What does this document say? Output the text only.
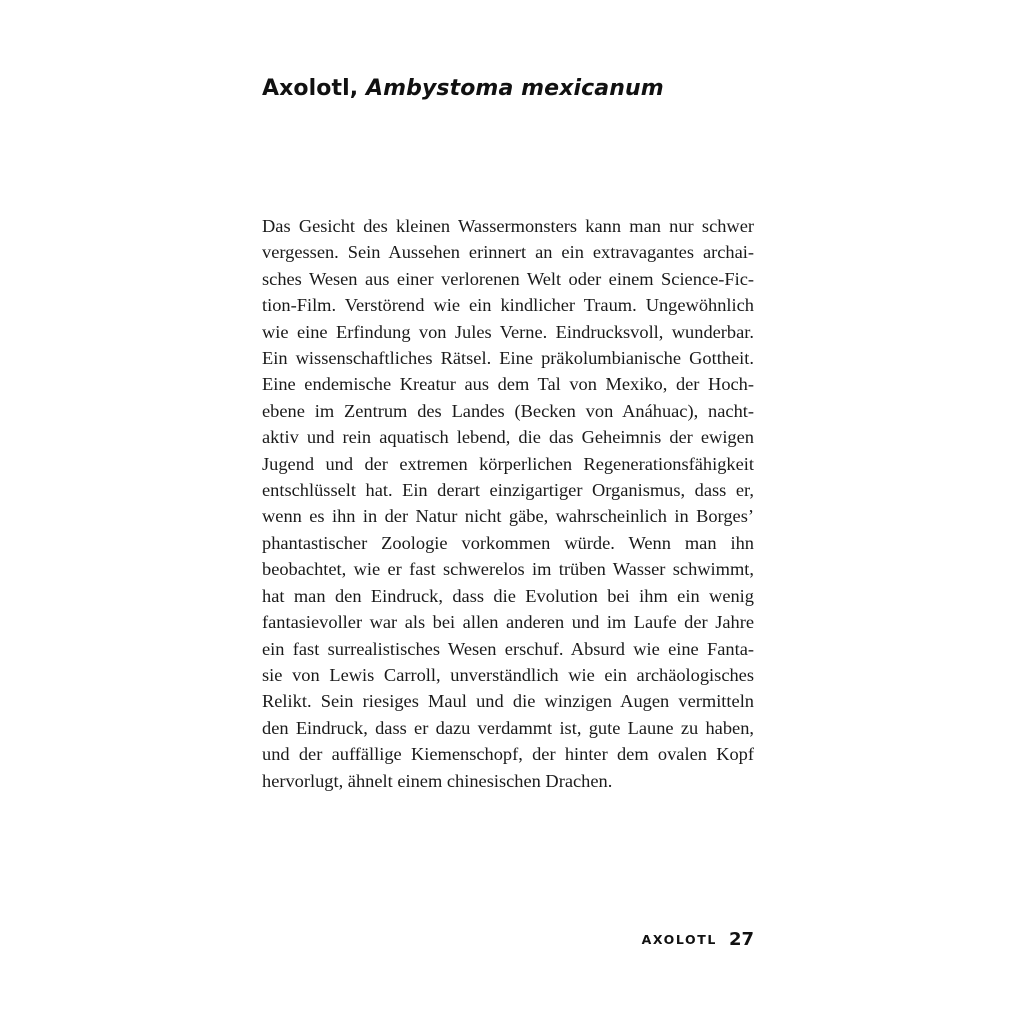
Axolotl, Ambystoma mexicanum
Das Gesicht des kleinen Wassermonsters kann man nur schwer
vergessen. Sein Aussehen erinnert an ein extravagantes archai-
sches Wesen aus einer verlorenen Welt oder einem Science-Fic-
tion-Film. Verstörend wie ein kindlicher Traum. Ungewöhnlich
wie eine Erfindung von Jules Verne. Eindrucksvoll, wunderbar.
Ein wissenschaftliches Rätsel. Eine präkolumbianische Gottheit.
Eine endemische Kreatur aus dem Tal von Mexiko, der Hoch-
ebene im Zentrum des Landes (Becken von Anáhuac), nacht-
aktiv und rein aquatisch lebend, die das Geheimnis der ewigen
Jugend und der extremen körperlichen Regenerationsfähigkeit
entschlüsselt hat. Ein derart einzigartiger Organismus, dass er,
wenn es ihn in der Natur nicht gäbe, wahrscheinlich in Borges’
phantastischer Zoologie vorkommen würde. Wenn man ihn
beobachtet, wie er fast schwerelos im trüben Wasser schwimmt,
hat man den Eindruck, dass die Evolution bei ihm ein wenig
fantasievoller war als bei allen anderen und im Laufe der Jahre
ein fast surrealistisches Wesen erschuf. Absurd wie eine Fanta-
sie von Lewis Carroll, unverständlich wie ein archäologisches
Relikt. Sein riesiges Maul und die winzigen Augen vermitteln
den Eindruck, dass er dazu verdammt ist, gute Laune zu haben,
und der auffällige Kiemenschopf, der hinter dem ovalen Kopf
hervorlugt, ähnelt einem chinesischen Drachen.
AXOLOTL 27
